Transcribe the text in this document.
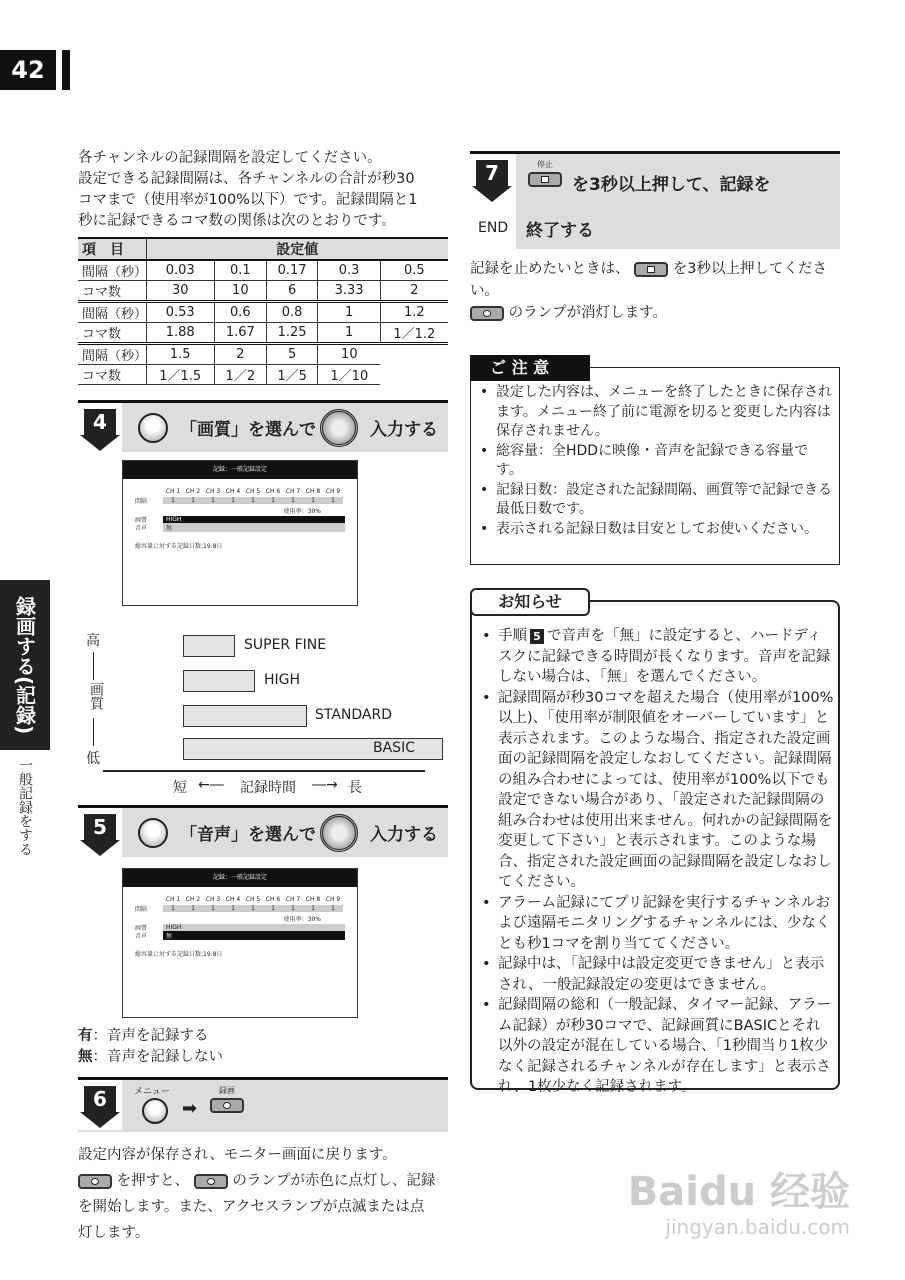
42
録画する(記録)
一般記録をする
各チャンネルの記録間隔を設定してください。
設定できる記録間隔は、各チャンネルの合計が秒30
コマまで（使用率が100%以下）です。記録間隔と1
秒に記録できるコマ数の関係は次のとおりです。
項　目	設定値				
間隔（秒）	0.03	0.1	0.17	0.3	0.5
コマ数	30	10	6	3.33	2
間隔（秒）	0.53	0.6	0.8	1	1.2
コマ数	1.88	1.67	1.25	1	1／1.2
間隔（秒）	1.5	2	5	10	
コマ数	1／1.5	1／2	1／5	1／10	
4	「画質」を選んで	入力する
記録：一般記録設定
CH 1 CH 2 CH 3 CH 4 CH 5 CH 6 CH 7 CH 8 CH 9
間隔	1	1	1	1	1	1	1	1	1
使用率：30%
画質	HIGH
音声	無
総容量に対する記録日数:19.8日
高
画質
低
SUPER FINE
HIGH
STANDARD
BASIC
短 ←― 記録時間 ―→ 長
5	「音声」を選んで	入力する
記録：一般記録設定
CH 1 CH 2 CH 3 CH 4 CH 5 CH 6 CH 7 CH 8 CH 9
間隔	1	1	1	1	1	1	1	1	1
使用率：30%
画質	HIGH
音声	無
総容量に対する記録日数:19.8日
有：音声を記録する
無：音声を記録しない
6	メニュー
➡
録画
設定内容が保存され、モニター画面に戻ります。
を押すと、	のランプが赤色に点灯し、記録
を開始します。また、アクセスランプが点滅または点
灯します。
7
END
停止
を3秒以上押して、記録を
終了する
記録を止めたいときは、	を3秒以上押してくださ
い。
のランプが消灯します。
ご 注 意
• 設定した内容は、メニューを終了したときに保存されます。メニュー終了前に電源を切ると変更した内容は保存されません。
• 総容量：全HDDに映像・音声を記録できる容量です。
• 記録日数：設定された記録間隔、画質等で記録できる最低日数です。
• 表示される記録日数は目安としてお使いください。
お知らせ
• 手順 5 で音声を「無」に設定すると、ハードディスクに記録できる時間が長くなります。音声を記録しない場合は、「無」を選んでください。
• 記録間隔が秒30コマを超えた場合（使用率が100%以上)、「使用率が制限値をオーバーしています」と表示されます。このような場合、指定された設定画面の記録間隔を設定しなおしてください。記録間隔の組み合わせによっては、使用率が100%以下でも設定できない場合があり、「設定された記録間隔の組み合わせは使用出来ません。何れかの記録間隔を変更して下さい」と表示されます。このような場合、指定された設定画面の記録間隔を設定しなおしてください。
• アラーム記録にてプリ記録を実行するチャンネルおよび遠隔モニタリングするチャンネルには、少なくとも秒1コマを割り当ててください。
• 記録中は、「記録中は設定変更できません」と表示され、一般記録設定の変更はできません。
• 記録間隔の総和（一般記録、タイマー記録、アラーム記録）が秒30コマで、記録画質にBASICとそれ以外の設定が混在している場合、「1秒間当り1枚少なく記録されるチャンネルが存在します」と表示され、1枚少なく記録されます。
Baidu 经验
jingyan.baidu.com
